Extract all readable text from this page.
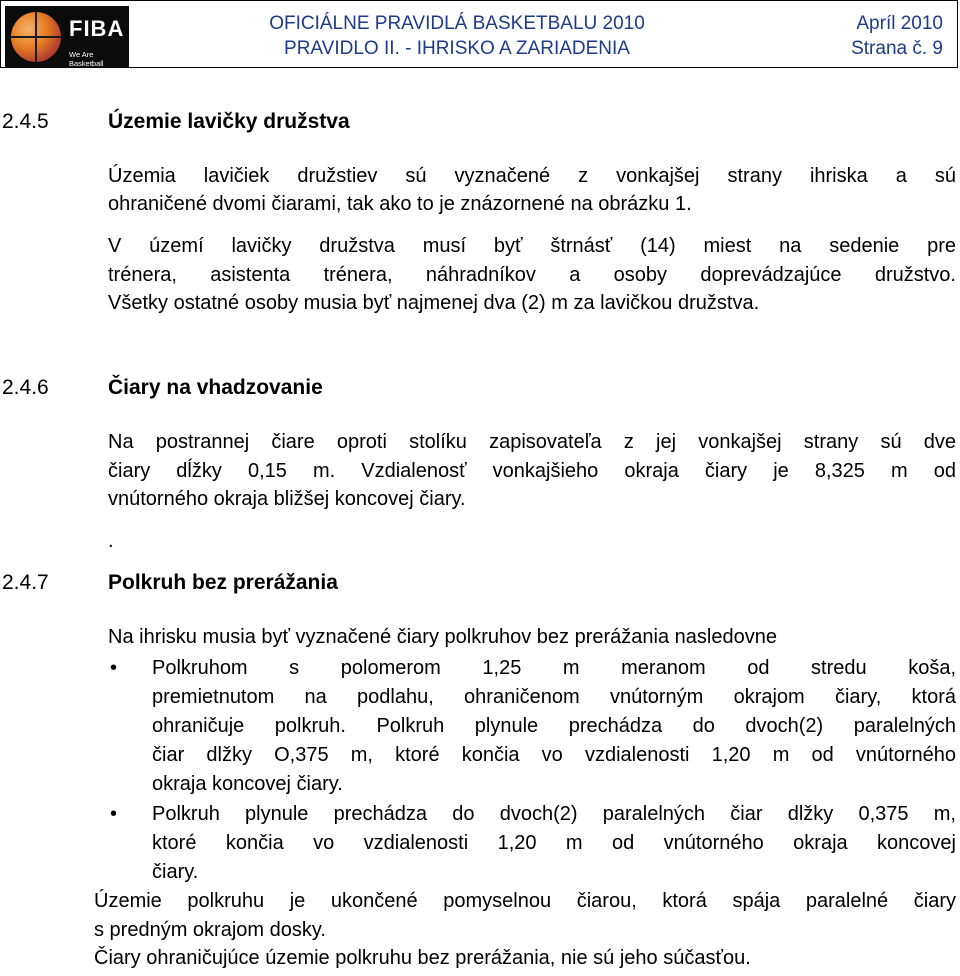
FIBA
We Are Basketball
OFICIÁLNE PRAVIDLÁ BASKETBALU 2010
PRAVIDLO II. - IHRISKO A ZARIADENIA
Apríl 2010
Strana č. 9
2.4.5	Územie lavičky družstva
Územia lavičiek družstiev sú vyznačené z vonkajšej strany ihriska a sú
ohraničené dvomi čiarami, tak ako to je znázornené na obrázku 1.
V území lavičky družstva musí byť štrnásť (14) miest na sedenie pre
trénera, asistenta trénera, náhradníkov a osoby doprevádzajúce družstvo.
Všetky ostatné osoby musia byť najmenej dva (2) m za lavičkou družstva.
2.4.6	Čiary na vhadzovanie
Na postrannej čiare oproti stolíku zapisovateľa z jej vonkajšej strany sú dve
čiary dĺžky 0,15 m. Vzdialenosť vonkajšieho okraja čiary je 8,325 m od
vnútorného okraja bližšej koncovej čiary.
.
2.4.7	Polkruh bez prerážania
Na ihrisku musia byť vyznačené čiary polkruhov bez prerážania nasledovne
• Polkruhom s polomerom 1,25 m meranom od stredu koša,
premietnutom na podlahu, ohraničenom vnútorným okrajom čiary, ktorá
ohraničuje polkruh. Polkruh plynule prechádza do dvoch(2) paralelných
čiar dlžky O,375 m, ktoré končia vo vzdialenosti 1,20 m od vnútorného
okraja koncovej čiary.
• Polkruh plynule prechádza do dvoch(2) paralelných čiar dlžky 0,375 m,
ktoré končia vo vzdialenosti 1,20 m od vnútorného okraja koncovej
čiary.
Územie polkruhu je ukončené pomyselnou čiarou, ktorá spája paralelné čiary
s predným okrajom dosky.
Čiary ohraničujúce územie polkruhu bez prerážania, nie sú jeho súčasťou.
